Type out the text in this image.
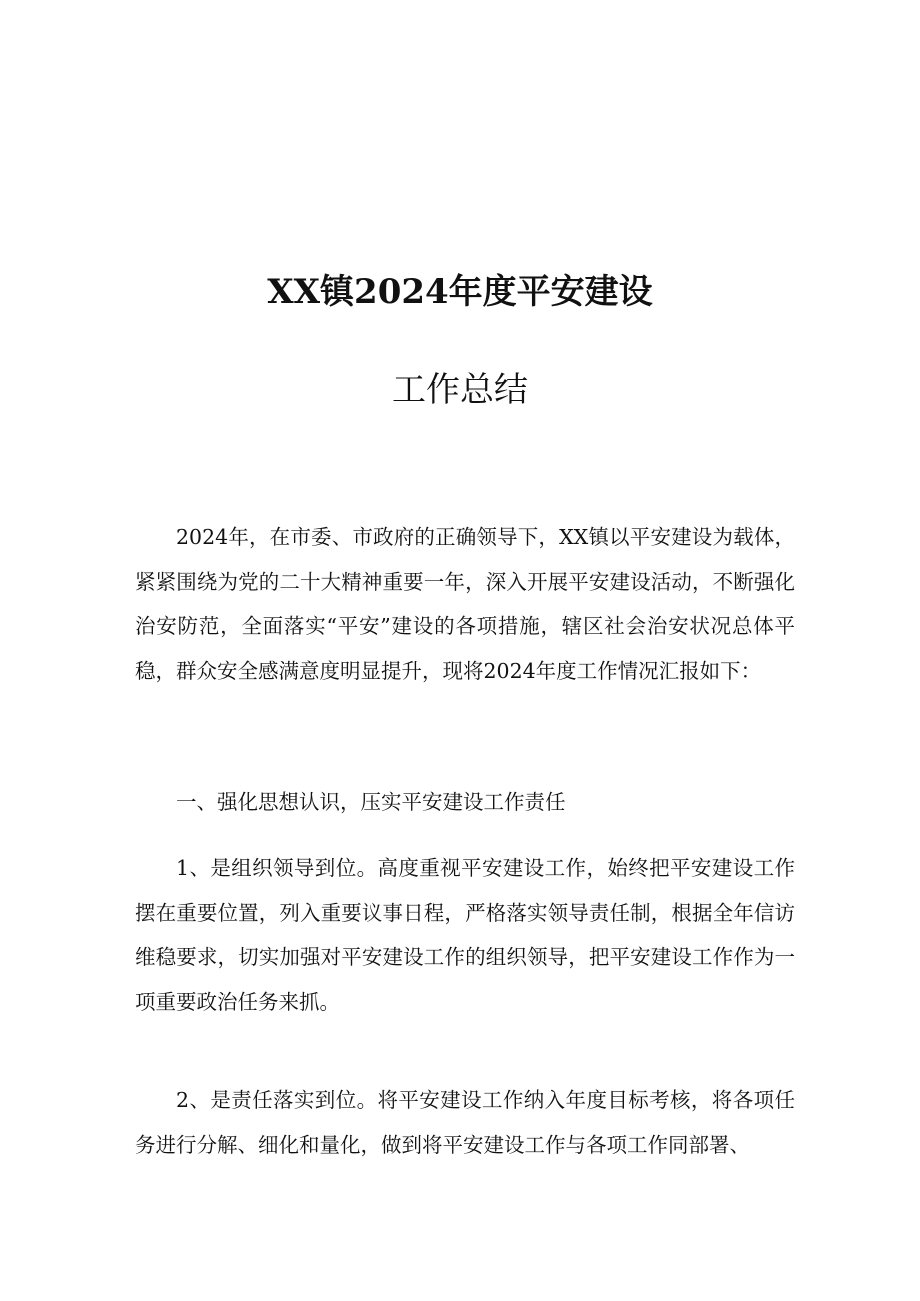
XX镇2024年度平安建设
工作总结

2024年，在市委、市政府的正确领导下，XX镇以平安建设为载体，紧紧围绕为党的二十大精神重要一年，深入开展平安建设活动，不断强化治安防范，全面落实“平安”建设的各项措施，辖区社会治安状况总体平稳，群众安全感满意度明显提升，现将2024年度工作情况汇报如下：

一、强化思想认识，压实平安建设工作责任

1、是组织领导到位。高度重视平安建设工作，始终把平安建设工作摆在重要位置，列入重要议事日程，严格落实领导责任制，根据全年信访维稳要求，切实加强对平安建设工作的组织领导，把平安建设工作作为一项重要政治任务来抓。

2、是责任落实到位。将平安建设工作纳入年度目标考核，将各项任务进行分解、细化和量化，做到将平安建设工作与各项工作同部署、
